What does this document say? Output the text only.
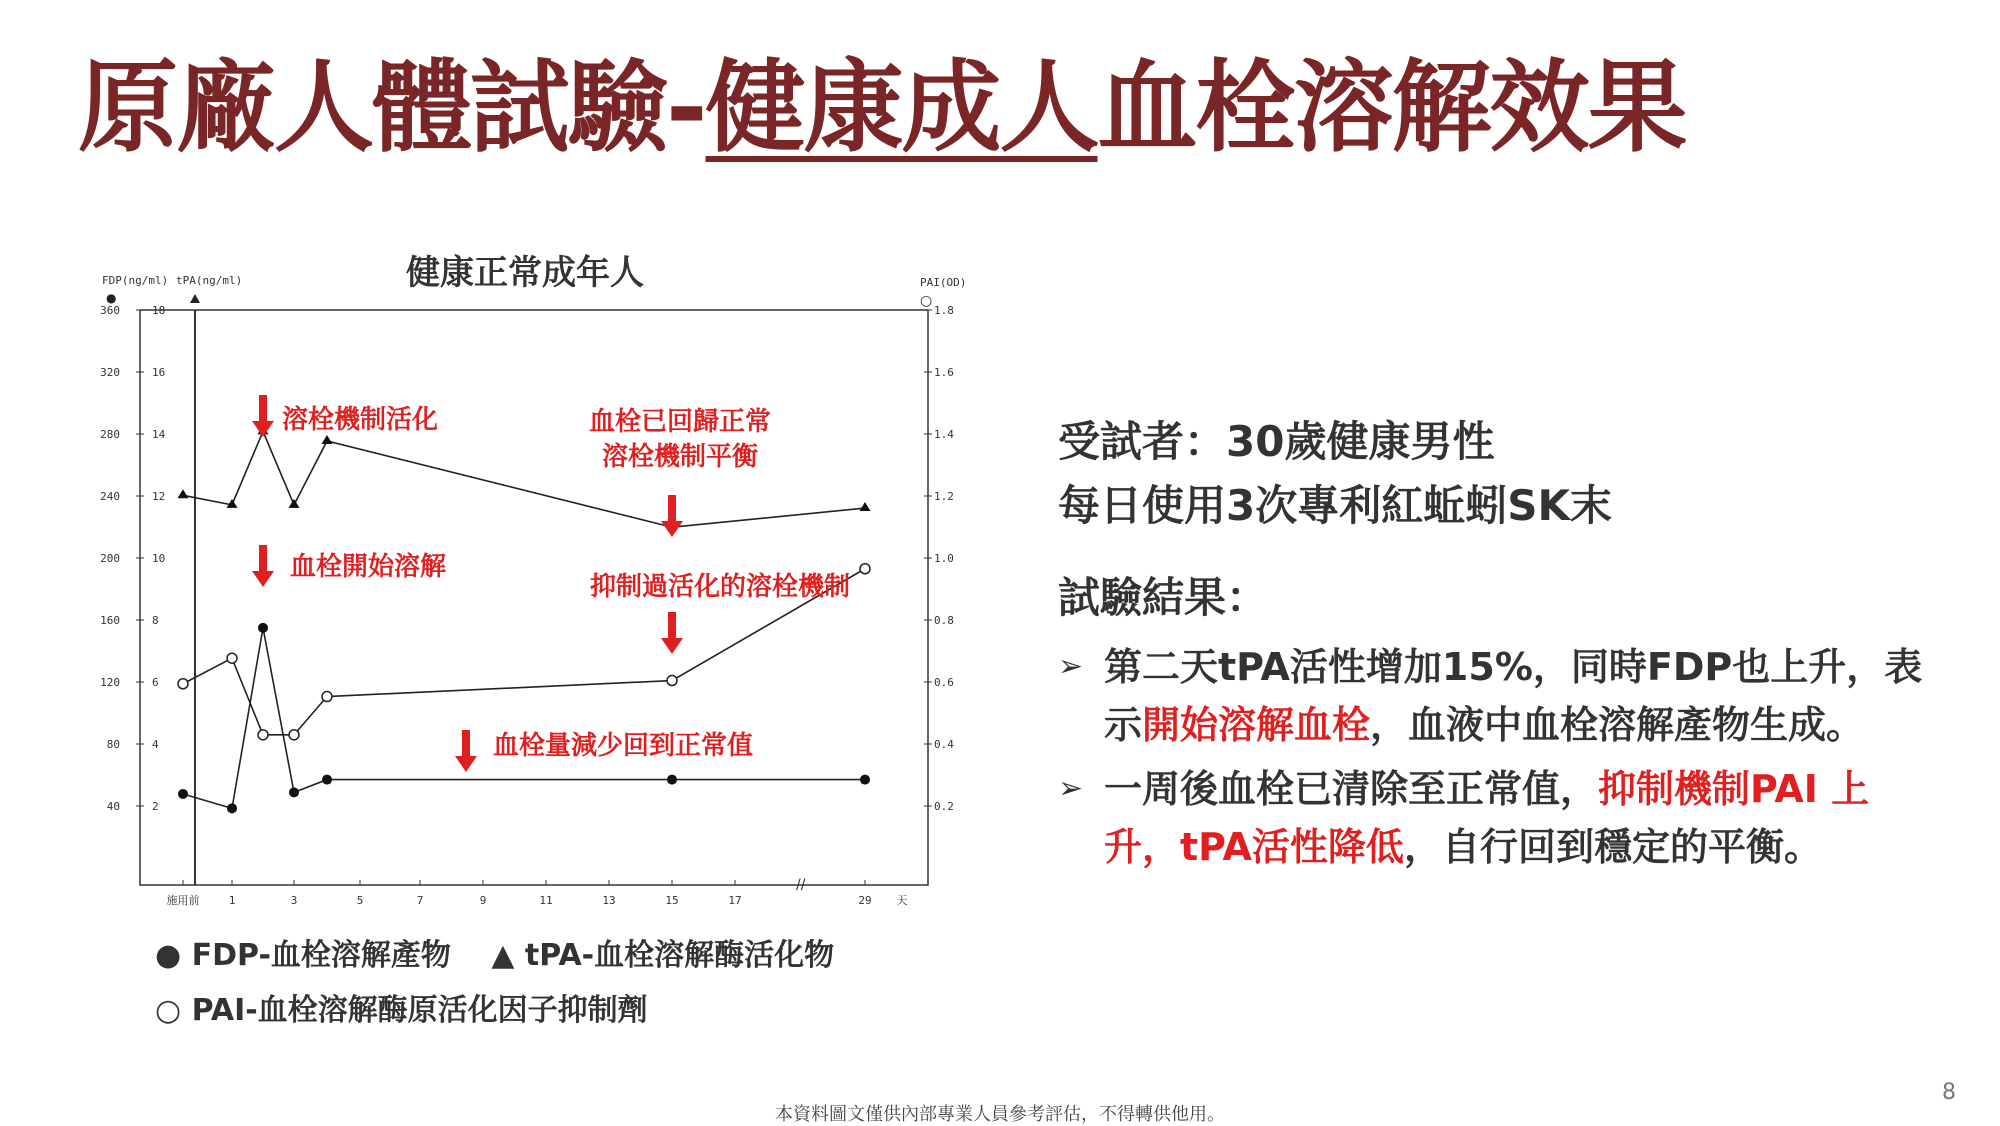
原廠人體試驗-健康成人血栓溶解效果
FDP(ng/ml)
●
tPA(ng/ml)	PAI(OD)
○
健康正常成年人
360	18	1.8
320	16	1.6
280	14	1.4
240	12	1.2
200	10	1.0
160	8	0.8
120	6	0.6
80	4	0.4
40	2	0.2
施用前	1	3	5	7	9	11	13	15	17	29 天
//
溶栓機制活化	血栓已回歸正常
溶栓機制平衡
血栓開始溶解
抑制過活化的溶栓機制
血栓量減少回到正常值
● FDP-血栓溶解產物　 ▲ tPA-血栓溶解酶活化物
○ PAI-血栓溶解酶原活化因子抑制劑
受試者：30歲健康男性
每日使用3次專利紅蚯蚓SK末
試驗結果：
➢ 第二天tPA活性增加15%，同時FDP也上升，表示開始溶解血栓，血液中血栓溶解產物生成。
➢ 一周後血栓已清除至正常值，抑制機制PAI 上升，tPA活性降低，自行回到穩定的平衡。
本資料圖文僅供內部專業人員參考評估，不得轉供他用。
8
